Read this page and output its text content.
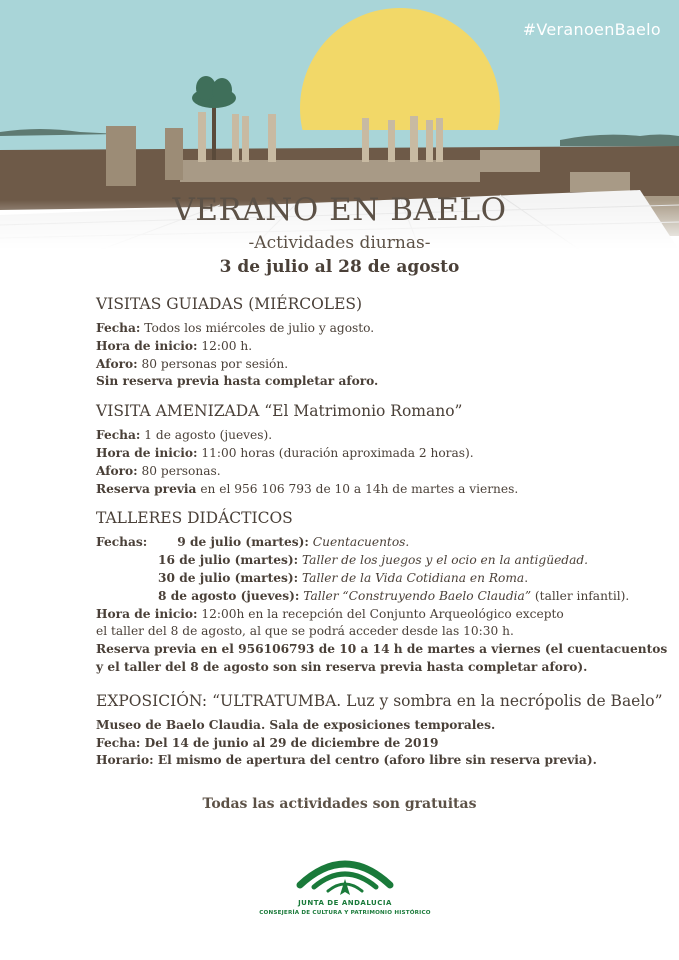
#VeranoenBaelo
VERANO EN BAELO
-Actividades diurnas-
3 de julio al 28 de agosto
VISITAS GUIADAS (MIÉRCOLES)
Fecha: Todos los miércoles de julio y agosto.
Hora de inicio: 12:00 h.
Aforo: 80 personas por sesión.
Sin reserva previa hasta completar aforo.
VISITA AMENIZADA “El Matrimonio Romano”
Fecha: 1 de agosto (jueves).
Hora de inicio: 11:00 horas (duración aproximada 2 horas).
Aforo: 80 personas.
Reserva previa en el 956 106 793 de 10 a 14h de martes a viernes.
TALLERES DIDÁCTICOS
Fechas: 9 de julio (martes): Cuentacuentos.
16 de julio (martes): Taller de los juegos y el ocio en la antigüedad.
30 de julio (martes): Taller de la Vida Cotidiana en Roma.
8 de agosto (jueves): Taller “Construyendo Baelo Claudia” (taller infantil).
Hora de inicio: 12:00h en la recepción del Conjunto Arqueológico excepto
el taller del 8 de agosto, al que se podrá acceder desde las 10:30 h.
Reserva previa en el 956106793 de 10 a 14 h de martes a viernes (el cuentacuentos
y el taller del 8 de agosto son sin reserva previa hasta completar aforo).
EXPOSICIÓN: “ULTRATUMBA. Luz y sombra en la necrópolis de Baelo”
Museo de Baelo Claudia. Sala de exposiciones temporales.
Fecha: Del 14 de junio al 29 de diciembre de 2019
Horario: El mismo de apertura del centro (aforo libre sin reserva previa).
Todas las actividades son gratuitas
JUNTA DE ANDALUCIA
CONSEJERÍA DE CULTURA Y PATRIMONIO HISTÓRICO
